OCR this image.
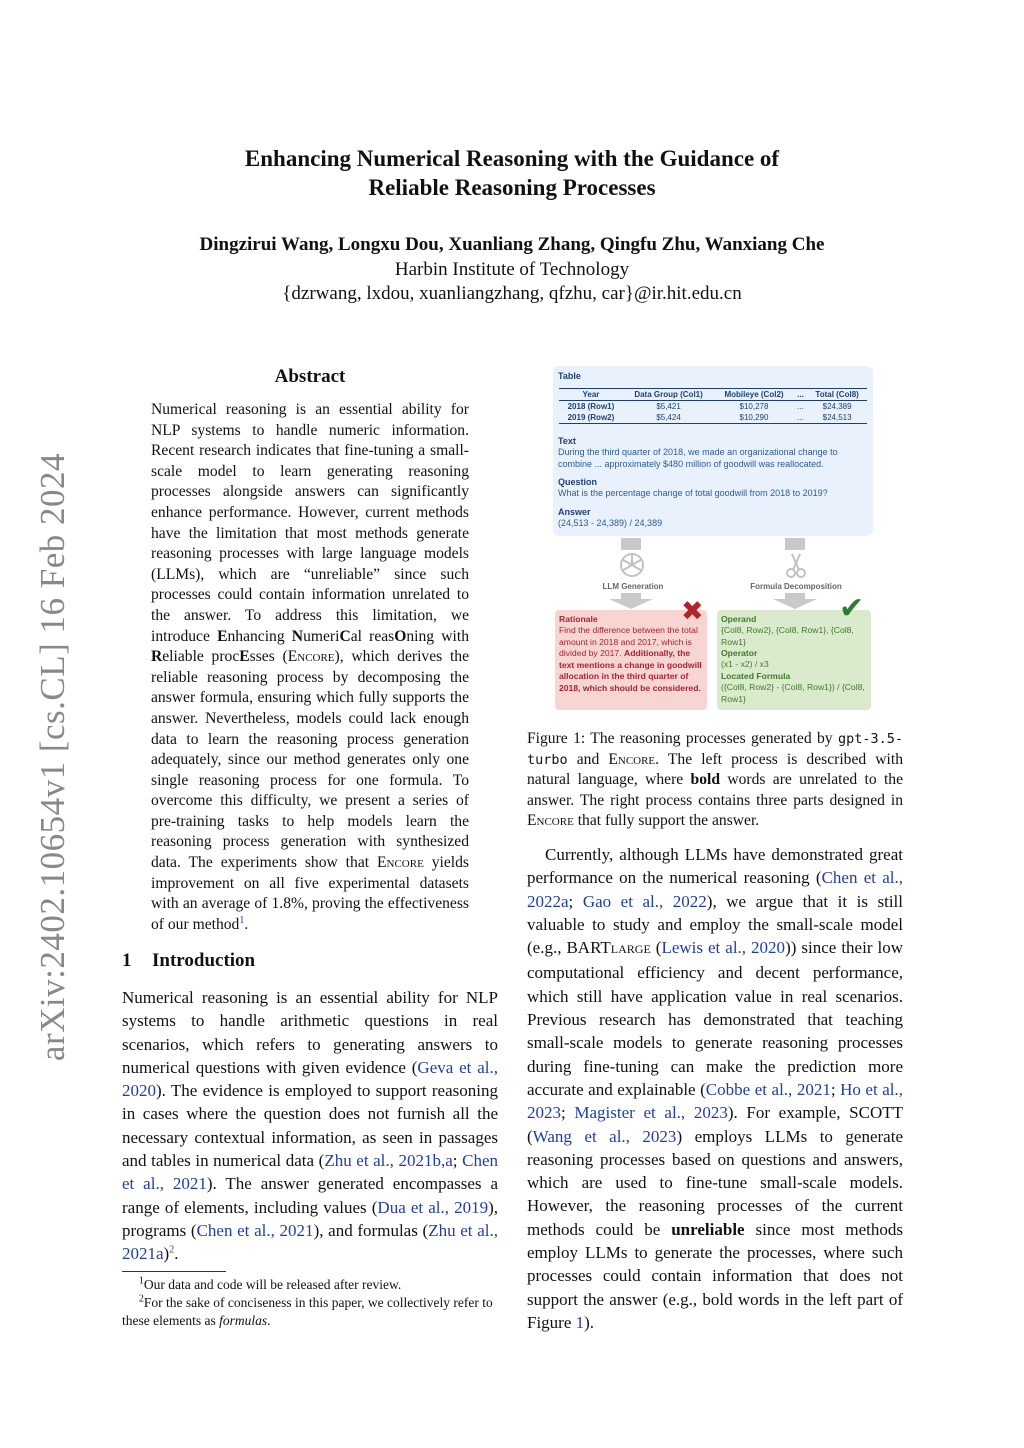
arXiv:2402.10654v1 [cs.CL] 16 Feb 2024
Enhancing Numerical Reasoning with the Guidance of
Reliable Reasoning Processes
Dingzirui Wang, Longxu Dou, Xuanliang Zhang, Qingfu Zhu, Wanxiang Che
Harbin Institute of Technology
{dzrwang, lxdou, xuanliangzhang, qfzhu, car}@ir.hit.edu.cn
Abstract
Numerical reasoning is an essential ability for NLP systems to handle numeric information. Recent research indicates that fine-tuning a small-scale model to learn generating reasoning processes alongside answers can significantly enhance performance. However, current methods have the limitation that most methods generate reasoning processes with large language models (LLMs), which are “unreliable” since such processes could contain information unrelated to the answer. To address this limitation, we introduce Enhancing NumeriCal reasOning with Reliable procEsses (Encore), which derives the reliable reasoning process by decomposing the answer formula, ensuring which fully supports the answer. Nevertheless, models could lack enough data to learn the reasoning process generation adequately, since our method generates only one single reasoning process for one formula. To overcome this difficulty, we present a series of pre-training tasks to help models learn the reasoning process generation with synthesized data. The experiments show that Encore yields improvement on all five experimental datasets with an average of 1.8%, proving the effectiveness of our method$^1$.
1 Introduction
Numerical reasoning is an essential ability for NLP systems to handle arithmetic questions in real scenarios, which refers to generating answers to numerical questions with given evidence (Geva et al., 2020). The evidence is employed to support reasoning in cases where the question does not furnish all the necessary contextual information, as seen in passages and tables in numerical data (Zhu et al., 2021b,a; Chen et al., 2021). The answer generated encompasses a range of elements, including values (Dua et al., 2019), programs (Chen et al., 2021), and formulas (Zhu et al., 2021a)$^2$.
$^1$Our data and code will be released after review.
$^2$For the sake of conciseness in this paper, we collectively refer to these elements as formulas.
Table
Year	Data Group (Col1)	Mobileye (Col2)	...	Total (Col8)
2018 (Row1)	$5,421	$10,278	...	$24,389
2019 (Row2)	$5,424	$10,290	...	$24,513
Text
During the third quarter of 2018, we made an organizational change to combine ... approximately $480 million of goodwill was reallocated.
Question
What is the percentage change of total goodwill from 2018 to 2019?
Answer
(24,513 - 24,389) / 24,389
LLM Generation	Formula Decomposition
Rationale
Find the difference between the total amount in 2018 and 2017, which is divided by 2017. Additionally, the text mentions a change in goodwill allocation in the third quarter of 2018, which should be considered.
✖ Operand
{Col8, Row2}, {Col8, Row1}, {Col8, Row1}
Operator
(x1 - x2) / x3
Located Formula
({Col8, Row2} - {Col8, Row1}) / {Col8, Row1}
✔
Figure 1: The reasoning processes generated by gpt-3.5-turbo and Encore. The left process is described with natural language, where bold words are unrelated to the answer. The right process contains three parts designed in Encore that fully support the answer.

Currently, although LLMs have demonstrated great performance on the numerical reasoning (Chen et al., 2022a; Gao et al., 2022), we argue that it is still valuable to study and employ the small-scale model (e.g., BARTLARGE (Lewis et al., 2020)) since their low computational efficiency and decent performance, which still have application value in real scenarios. Previous research has demonstrated that teaching small-scale models to generate reasoning processes during fine-tuning can make the prediction more accurate and explainable (Cobbe et al., 2021; Ho et al., 2023; Magister et al., 2023). For example, SCOTT (Wang et al., 2023) employs LLMs to generate reasoning processes based on questions and answers, which are used to fine-tune small-scale models. However, the reasoning processes of the current methods could be unreliable since most methods employ LLMs to generate the processes, where such processes could contain information that does not support the answer (e.g., bold words in the left part of Figure 1).
